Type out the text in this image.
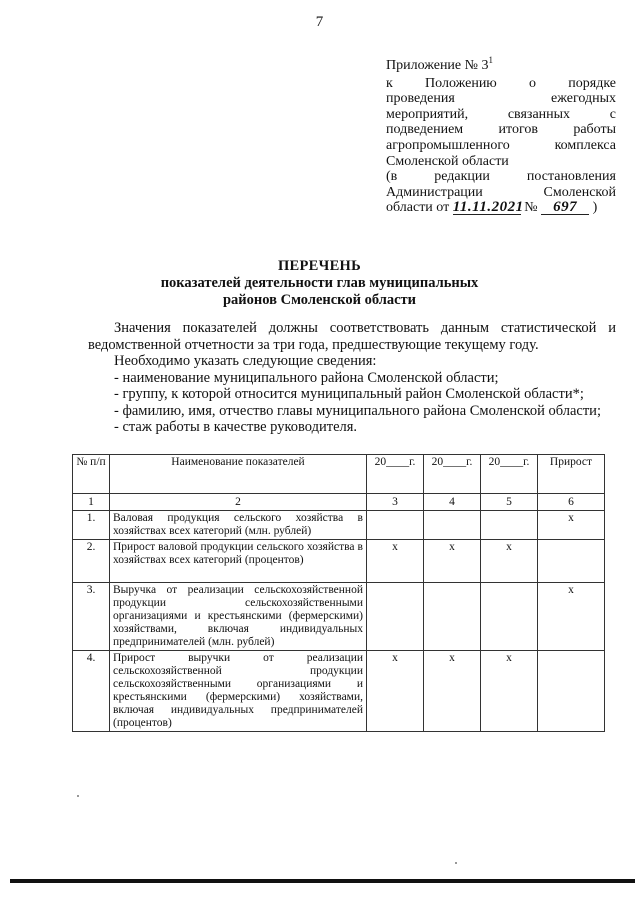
7
Приложение № $3^1$
к Положению о порядке
проведения ежегодных
мероприятий, связанных с
подведением итогов работы
агропромышленного комплекса
Смоленской области
(в редакции постановления
Администрации Смоленской
области от 11.11.2021 № 697 )
ПЕРЕЧЕНЬ
показателей деятельности глав муниципальных
районов Смоленской области

Значения показателей должны соответствовать данным статистической и ведомственной отчетности за три года, предшествующие текущему году.

Необходимо указать следующие сведения:

- наименование муниципального района Смоленской области;

- группу, к которой относится муниципальный район Смоленской области*;

- фамилию, имя, отчество главы муниципального района Смоленской области;

- стаж работы в качестве руководителя.

№ п/п	Наименование показателей	20____г.	20____г.	20____г.	Прирост
1	2	3	4	5	6
1.	Валовая продукция сельского хозяйства в хозяйствах всех категорий (млн. рублей)				x
2.	Прирост валовой продукции сельского хозяйства в хозяйствах всех категорий (процентов)	x	x	x	
3.	Выручка от реализации сельскохозяйственной продукции сельскохозяйственными организациями и крестьянскими (фермерскими) хозяйствами, включая индивидуальных предпринимателей (млн. рублей)				x
4.	Прирост выручки от реализации сельскохозяйственной продукции сельскохозяйственными организациями и крестьянскими (фермерскими) хозяйствами, включая индивидуальных предпринимателей (процентов)	x	x	x	
